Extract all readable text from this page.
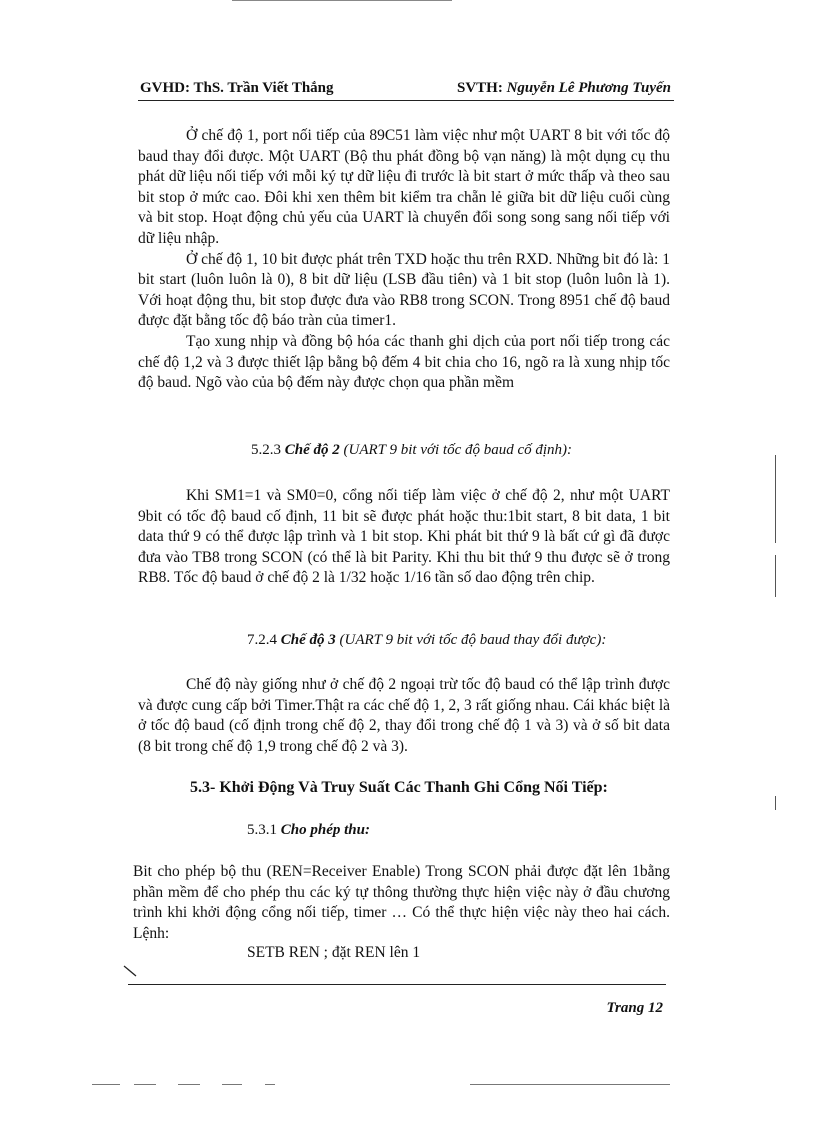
GVHD: ThS. Trần Viết Thắng	SVTH: Nguyễn Lê Phương Tuyến

Ở chế độ 1, port nối tiếp của 89C51 làm việc như một UART 8 bit với tốc độ baud thay đổi được. Một UART (Bộ thu phát đồng bộ vạn năng) là một dụng cụ thu phát dữ liệu nối tiếp với mỗi ký tự dữ liệu đi trước là bit start ở mức thấp và theo sau bit stop ở mức cao. Đôi khi xen thêm bit kiểm tra chẵn lẻ giữa bit dữ liệu cuối cùng và bit stop. Hoạt động chủ yếu của UART là chuyển đổi song song sang nối tiếp với dữ liệu nhập.

Ở chế độ 1, 10 bit được phát trên TXD hoặc thu trên RXD. Những bit đó là: 1 bit start (luôn luôn là 0), 8 bit dữ liệu (LSB đầu tiên) và 1 bit stop (luôn luôn là 1). Với hoạt động thu, bit stop được đưa vào RB8 trong SCON. Trong 8951 chế độ baud được đặt bằng tốc độ báo tràn của timer1.

Tạo xung nhịp và đồng bộ hóa các thanh ghi dịch của port nối tiếp trong các chế độ 1,2 và 3 được thiết lập bằng bộ đếm 4 bit chia cho 16, ngõ ra là xung nhịp tốc độ baud. Ngõ vào của bộ đếm này được chọn qua phần mềm

5.2.3 Chế độ 2 (UART 9 bit với tốc độ baud cố định):

Khi SM1=1 và SM0=0, cổng nối tiếp làm việc ở chế độ 2, như một UART 9bit có tốc độ baud cố định, 11 bit sẽ được phát hoặc thu:1bit start, 8 bit data, 1 bit data thứ 9 có thể được lập trình và 1 bit stop. Khi phát bit thứ 9 là bất cứ gì đã được đưa vào TB8 trong SCON (có thể là bit Parity. Khi thu bit thứ 9 thu được sẽ ở trong RB8. Tốc độ baud ở chế độ 2 là 1/32 hoặc 1/16 tần số dao động trên chip.

7.2.4 Chế độ 3 (UART 9 bit với tốc độ baud thay đổi được):

Chế độ này giống như ở chế độ 2 ngoại trừ tốc độ baud có thể lập trình được và được cung cấp bởi Timer.Thật ra các chế độ 1, 2, 3 rất giống nhau. Cái khác biệt là ở tốc độ baud (cố định trong chế độ 2, thay đổi trong chế độ 1 và 3) và ở số bit data (8 bit trong chế độ 1,9 trong chế độ 2 và 3).

5.3- Khởi Động Và Truy Suất Các Thanh Ghi Cổng Nối Tiếp:
5.3.1 Cho phép thu:

Bit cho phép bộ thu (REN=Receiver Enable) Trong SCON phải được đặt lên 1bằng phần mềm để cho phép thu các ký tự thông thường thực hiện việc này ở đầu chương trình khi khởi động cổng nối tiếp, timer … Có thể thực hiện việc này theo hai cách. Lệnh:

SETB REN ; đặt REN lên 1
Trang 12
